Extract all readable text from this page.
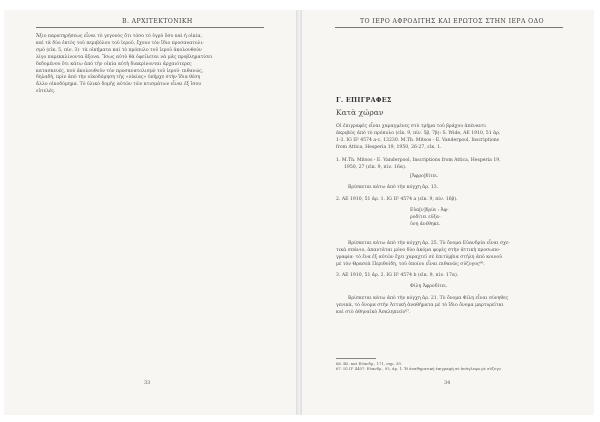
Β. ΑΡΧΙΤΕΚΤΟΝΙΚΗ
Ἄξιο παρατηρήσεως εἶναι τὸ γεγονὸς ὅτι τόσο τὸ ὑγρὸ ὅσο καὶ ἡ οἰκία,
καὶ τὰ δύο ἐκτὸς τοῦ περιβόλου τοῦ ἱεροῦ, ἔχουν τὸν ἴδιο προσανατολι-
σμὸ (εἰκ. 5, πίν. 3)· τὰ οἰκήματα καὶ τὸ πρόπυλο τοῦ ἱεροῦ ἀκολουθοῦν
λίγο παρεκκλίνοντα ἄξονα. Ἴσως αὐτὸ θὰ ὀφείλεται νὰ μᾶς προβληματίσει
δεδομένου ὅτι κάτω ἀπὸ τὴν οἰκία αὐτὴ διακρίνονται ἀρχαιότερες
κατασκευές, πού ἀκολουθοῦν τὸν προσανατολισμὸ τοῦ ἱεροῦ· πιθανώς,
δηλαδή, πρὶν ἀπὸ τὴν οἰκοδόμηση τῆς «οἰκίας» ὑπῆρχε στὴν ἴδια θέση
ἄλλο οἰκοδόμημα. Τὸ ὑλικὸ δομῆς αὐτῶν τῶν κτισμάτων εἶναι ἐξ ἴσου
εὐτελές.
33
ΤΟ ΙΕΡΟ ΑΦΡΟΔΙΤΗΣ ΚΑΙ ΕΡΩΤΟΣ ΣΤΗΝ ΙΕΡΑ ΟΔΟ
Γ. ΕΠΙΓΡΑΦΕΣ
Κατὰ χώραν
Οἱ ἐπιγραφὲς εἶναι χαραγμένες στὸ τμῆμα τοῦ βράχου ἀπέναντι
ἀκριβῶς ἀπὸ τὸ πρόπυλο (εἰκ. 9, πίν. 5β, 7β): S. Wide, AE 1910, 51 ἀρ.
1-3. IG II² 4574 a-c, 13230. M.Th. Mitsos - E. Vanderpool, Inscriptions
from Attica, Hesperia 19, 1950, 26-27, εἰκ. 1.
1. M.Th. Mitsos - E. Vanderpool, Inscriptions from Attica, Hesperia 19,
1950, 27 (εἰκ. 9, πίν. 16α).
[Ἀφρο]δίτει.
Βρίσκεται κάτω ἀπὸ τὴν κόγχη ἀρ. 13.
2. AE 1910, 51 ἀρ. 1. IG II² 4574 a (εἰκ. 9, πίν. 16β).
Εὐα[ν]δρία : Ἀφ-
ροδίτει εὐξα-
ὑνη ἀνέθηκε.
Βρίσκεται κάτω ἀπὸ τὴν κόγχη ἀρ. 25. Τὸ ὄνομα Εὐανδρία εἶναι σχε-
τικὰ σπάνιο, ἀπαντᾶται μόνο δύο ἀκόμα φορὲς στὴν ἀττικὴ προσωπο-
γραφία· τὸ ἕνα ἐξ αὐτῶν ἔχει χαραχτεῖ σὲ ἐπιτύμβια στήλη ἀπὸ κοινοῦ
μὲ τὸν Θρασεὰ Περιθοίδη, τοῦ ὁποίου εἶναι πιθανῶς σύζυγος⁶⁶.
3. AE 1910, 51 ἀρ. 2. IG II² 4574 b (εἰκ. 9, πίν. 17α).
Φίλη Ἀφροδίτει.
Βρίσκεται κάτω ἀπὸ τὴν κόγχη ἀρ. 21. Τὸ ὄνομα Φίλη εἶναι σύνηθες
γενικὰ, τὸ ὄνομα στὴν Ἀττικὴ ἀναθήματα μὲ τὸ ἴδιο ὄνομα μαρτυρεῖται
καὶ στὸ ἀθηναϊκὸ Ἀσκληπιεῖο⁶⁷.
66. Βλ. καὶ Εὐανδρ., 171, σημ. 39.
67. IG II² 4407· Εὐανδρ., 93, ἀρ. 1. Ἡ ἀναθηματικὴ ἐπιγραφὴ σὲ ἀνάγλυφο μὲ σύζυγο
34
